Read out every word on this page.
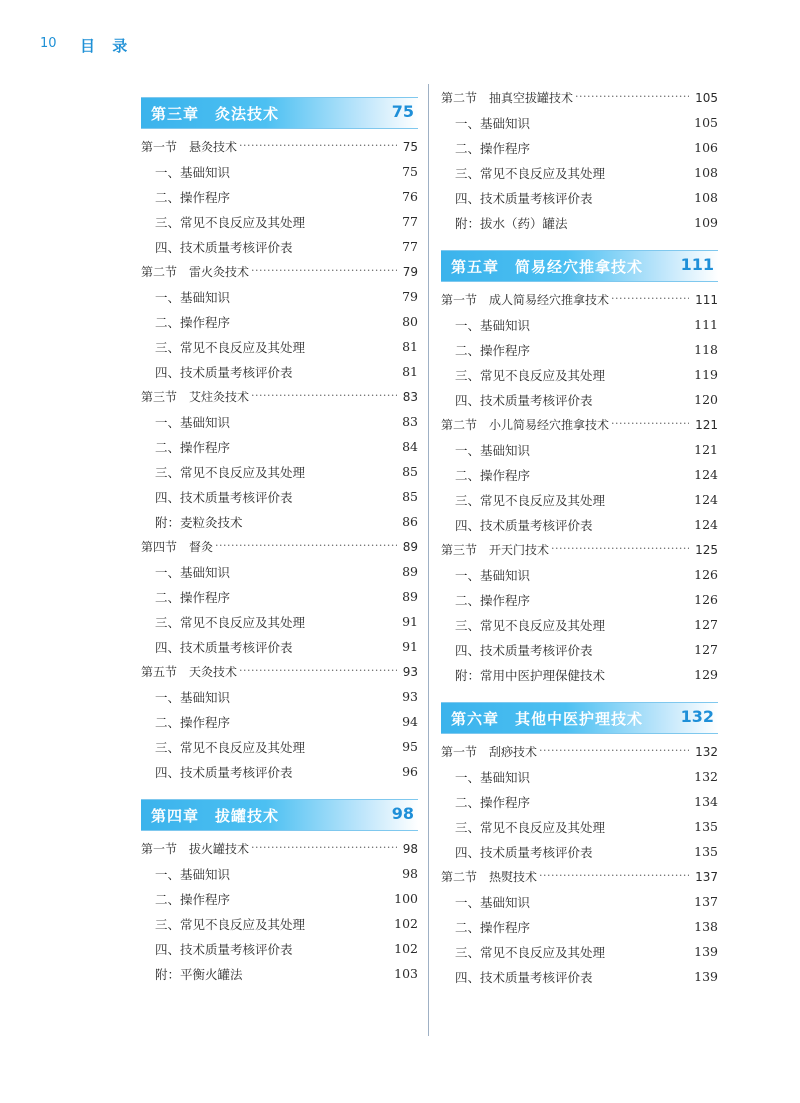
10 目 录
第三章　灸法技术	75
第一节　悬灸技术 ·····	75
一、基础知识	75
二、操作程序	76
三、常见不良反应及其处理	77
四、技术质量考核评价表	77
第二节　雷火灸技术 ·····	79
一、基础知识	79
二、操作程序	80
三、常见不良反应及其处理	81
四、技术质量考核评价表	81
第三节　艾炷灸技术 ·····	83
一、基础知识	83
二、操作程序	84
三、常见不良反应及其处理	85
四、技术质量考核评价表	85
附：麦粒灸技术	86
第四节　督灸 ·····	89
一、基础知识	89
二、操作程序	89
三、常见不良反应及其处理	91
四、技术质量考核评价表	91
第五节　天灸技术 ·····	93
一、基础知识	93
二、操作程序	94
三、常见不良反应及其处理	95
四、技术质量考核评价表	96
第四章　拔罐技术	98
第一节　拔火罐技术 ·····	98
一、基础知识	98
二、操作程序	100
三、常见不良反应及其处理	102
四、技术质量考核评价表	102
附：平衡火罐法	103
第二节　抽真空拔罐技术 ·····	105
一、基础知识	105
二、操作程序	106
三、常见不良反应及其处理	108
四、技术质量考核评价表	108
附：拔水（药）罐法	109
第五章　简易经穴推拿技术 111
第一节　成人简易经穴推拿技术 ·····	111
一、基础知识	111
二、操作程序	118
三、常见不良反应及其处理	119
四、技术质量考核评价表	120
第二节　小儿简易经穴推拿技术 ·····	121
一、基础知识	121
二、操作程序	124
三、常见不良反应及其处理	124
四、技术质量考核评价表	124
第三节　开天门技术 ·····	125
一、基础知识	126
二、操作程序	126
三、常见不良反应及其处理	127
四、技术质量考核评价表	127
附：常用中医护理保健技术	129
第六章　其他中医护理技术 132
第一节　刮痧技术 ·····	132
一、基础知识	132
二、操作程序	134
三、常见不良反应及其处理	135
四、技术质量考核评价表	135
第二节　热熨技术 ·····	137
一、基础知识	137
二、操作程序	138
三、常见不良反应及其处理	139
四、技术质量考核评价表	139
